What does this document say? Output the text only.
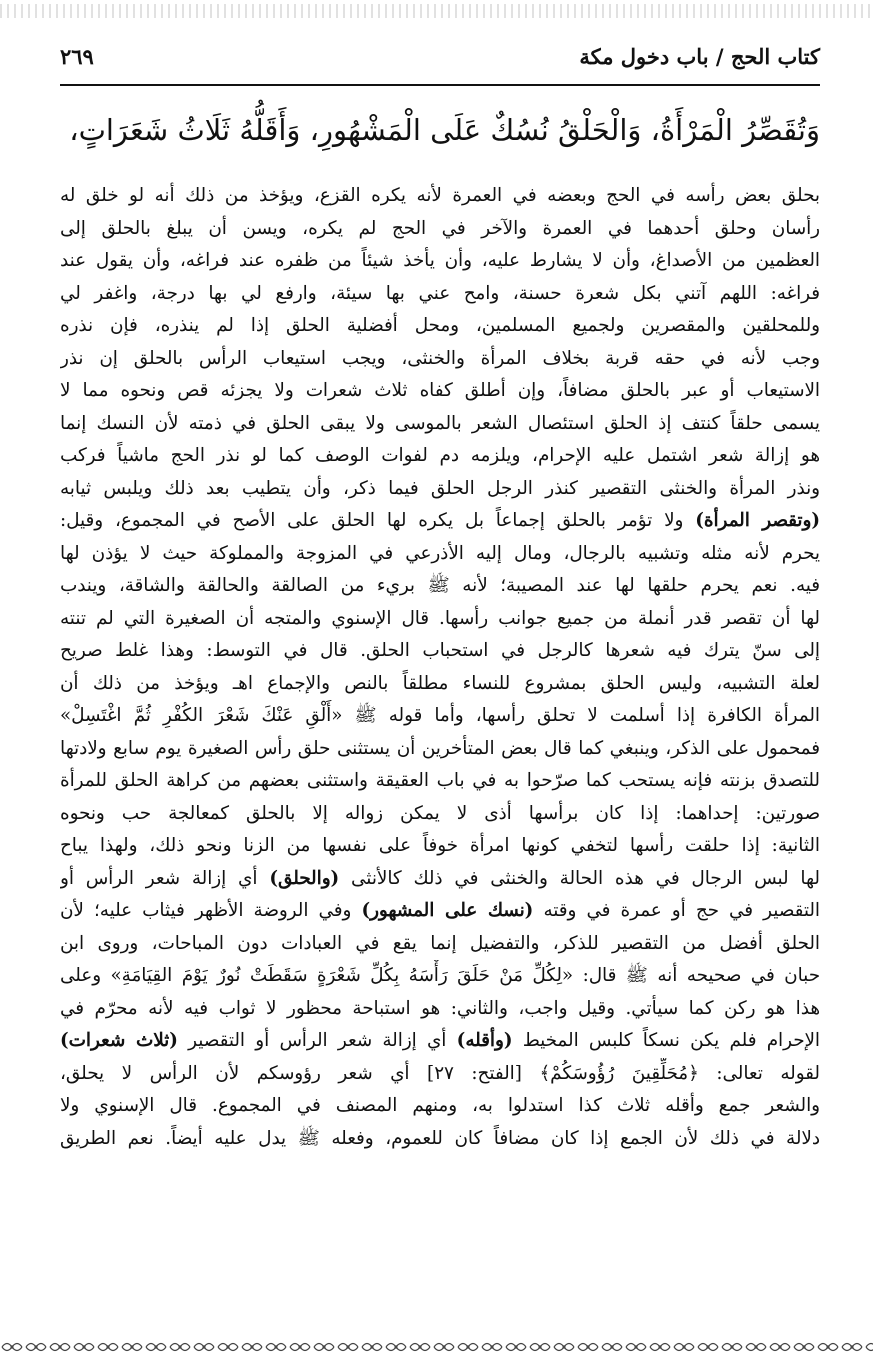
كتاب الحج / باب دخول مكة
٢٦٩
وَتُقَصِّرُ الْمَرْأَةُ، وَالْحَلْقُ نُسُكٌ عَلَى الْمَشْهُورِ، وَأَقَلُّهُ ثَلَاثُ شَعَرَاتٍ،
بحلق بعض رأسه في الحج وبعضه في العمرة لأنه يكره القزع، ويؤخذ من ذلك أنه لو خلق له
رأسان وحلق أحدهما في العمرة والآخر في الحج لم يكره، ويسن أن يبلغ بالحلق إلى
العظمين من الأصداغ، وأن لا يشارط عليه، وأن يأخذ شيئاً من ظفره عند فراغه، وأن يقول عند
فراغه: اللهم آتني بكل شعرة حسنة، وامح عني بها سيئة، وارفع لي بها درجة، واغفر لي
وللمحلقين والمقصرين ولجميع المسلمين، ومحل أفضلية الحلق إذا لم ينذره، فإن نذره
وجب لأنه في حقه قربة بخلاف المرأة والخنثى، ويجب استيعاب الرأس بالحلق إن نذر
الاستيعاب أو عبر بالحلق مضافاً، وإن أطلق كفاه ثلاث شعرات ولا يجزئه قص ونحوه مما لا
يسمى حلقاً كنتف إذ الحلق استئصال الشعر بالموسى ولا يبقى الحلق في ذمته لأن النسك إنما
هو إزالة شعر اشتمل عليه الإحرام، ويلزمه دم لفوات الوصف كما لو نذر الحج ماشياً فركب
ونذر المرأة والخنثى التقصير كنذر الرجل الحلق فيما ذكر، وأن يتطيب بعد ذلك ويلبس ثيابه
(وتقصر المرأة) ولا تؤمر بالحلق إجماعاً بل يكره لها الحلق على الأصح في المجموع، وقيل:
يحرم لأنه مثله وتشبيه بالرجال، ومال إليه الأذرعي في المزوجة والمملوكة حيث لا يؤذن لها
فيه. نعم يحرم حلقها لها عند المصيبة؛ لأنه ﷺ بريء من الصالقة والحالقة والشاقة، ويندب
لها أن تقصر قدر أنملة من جميع جوانب رأسها. قال الإسنوي والمتجه أن الصغيرة التي لم تنته
إلى سنّ يترك فيه شعرها كالرجل في استحباب الحلق. قال في التوسط: وهذا غلط صريح
لعلة التشبيه، وليس الحلق بمشروع للنساء مطلقاً بالنص والإجماع اهـ ويؤخذ من ذلك أن
المرأة الكافرة إذا أسلمت لا تحلق رأسها، وأما قوله ﷺ «أَلْقِ عَنْكَ شَعْرَ الكُفْرِ ثُمَّ اغْتَسِلْ»
فمحمول على الذكر، وينبغي كما قال بعض المتأخرين أن يستثنى حلق رأس الصغيرة يوم سابع ولادتها
للتصدق بزنته فإنه يستحب كما صرّحوا به في باب العقيقة واستثنى بعضهم من كراهة الحلق للمرأة
صورتين: إحداهما: إذا كان برأسها أذى لا يمكن زواله إلا بالحلق كمعالجة حب ونحوه
الثانية: إذا حلقت رأسها لتخفي كونها امرأة خوفاً على نفسها من الزنا ونحو ذلك، ولهذا يباح
لها لبس الرجال في هذه الحالة والخنثى في ذلك كالأنثى (والحلق) أي إزالة شعر الرأس أو
التقصير في حج أو عمرة في وقته (نسك على المشهور) وفي الروضة الأظهر فيثاب عليه؛ لأن
الحلق أفضل من التقصير للذكر، والتفضيل إنما يقع في العبادات دون المباحات، وروى ابن
حبان في صحيحه أنه ﷺ قال: «لِكُلِّ مَنْ حَلَقَ رَأْسَهُ بِكُلِّ شَعْرَةٍ سَقَطَتْ نُورٌ يَوْمَ القِيَامَةِ» وعلى
هذا هو ركن كما سيأتي. وقيل واجب، والثاني: هو استباحة محظور لا ثواب فيه لأنه محرّم في
الإحرام فلم يكن نسكاً كلبس المخيط (وأقله) أي إزالة شعر الرأس أو التقصير (ثلاث شعرات)
لقوله تعالى: ﴿مُحَلِّقِينَ رُؤُوسَكُمْ﴾ [الفتح: ٢٧] أي شعر رؤوسكم لأن الرأس لا يحلق،
والشعر جمع وأقله ثلاث كذا استدلوا به، ومنهم المصنف في المجموع. قال الإسنوي ولا
دلالة في ذلك لأن الجمع إذا كان مضافاً كان للعموم، وفعله ﷺ يدل عليه أيضاً. نعم الطريق
